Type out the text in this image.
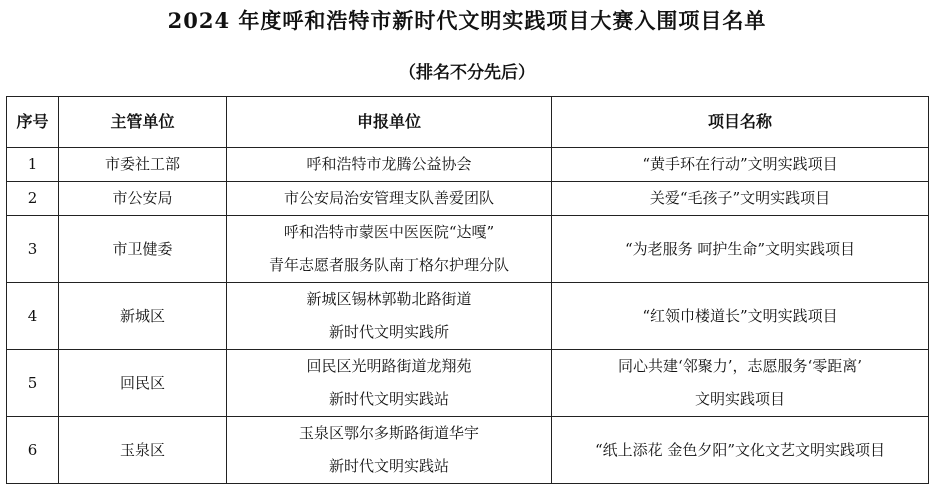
2024 年度呼和浩特市新时代文明实践项目大赛入围项目名单
（排名不分先后）
序号	主管单位	申报单位	项目名称
1	市委社工部	呼和浩特市龙腾公益协会	“黄手环在行动”文明实践项目

2	市公安局	市公安局治安管理支队善爱团队	关爱“毛孩子”文明实践项目

3	市卫健委	呼和浩特市蒙医中医医院“达嘎”
青年志愿者服务队南丁格尔护理分队	“为老服务 呵护生命”文明实践项目

4	新城区	新城区锡林郭勒北路街道
新时代文明实践所	“红领巾楼道长”文明实践项目

5	回民区	回民区光明路街道龙翔苑
新时代文明实践站	同心共建‘邻聚力’，志愿服务‘零距离’
文明实践项目

6	玉泉区	玉泉区鄂尔多斯路街道华宇
新时代文明实践站	“纸上添花 金色夕阳”文化文艺文明实践项目
